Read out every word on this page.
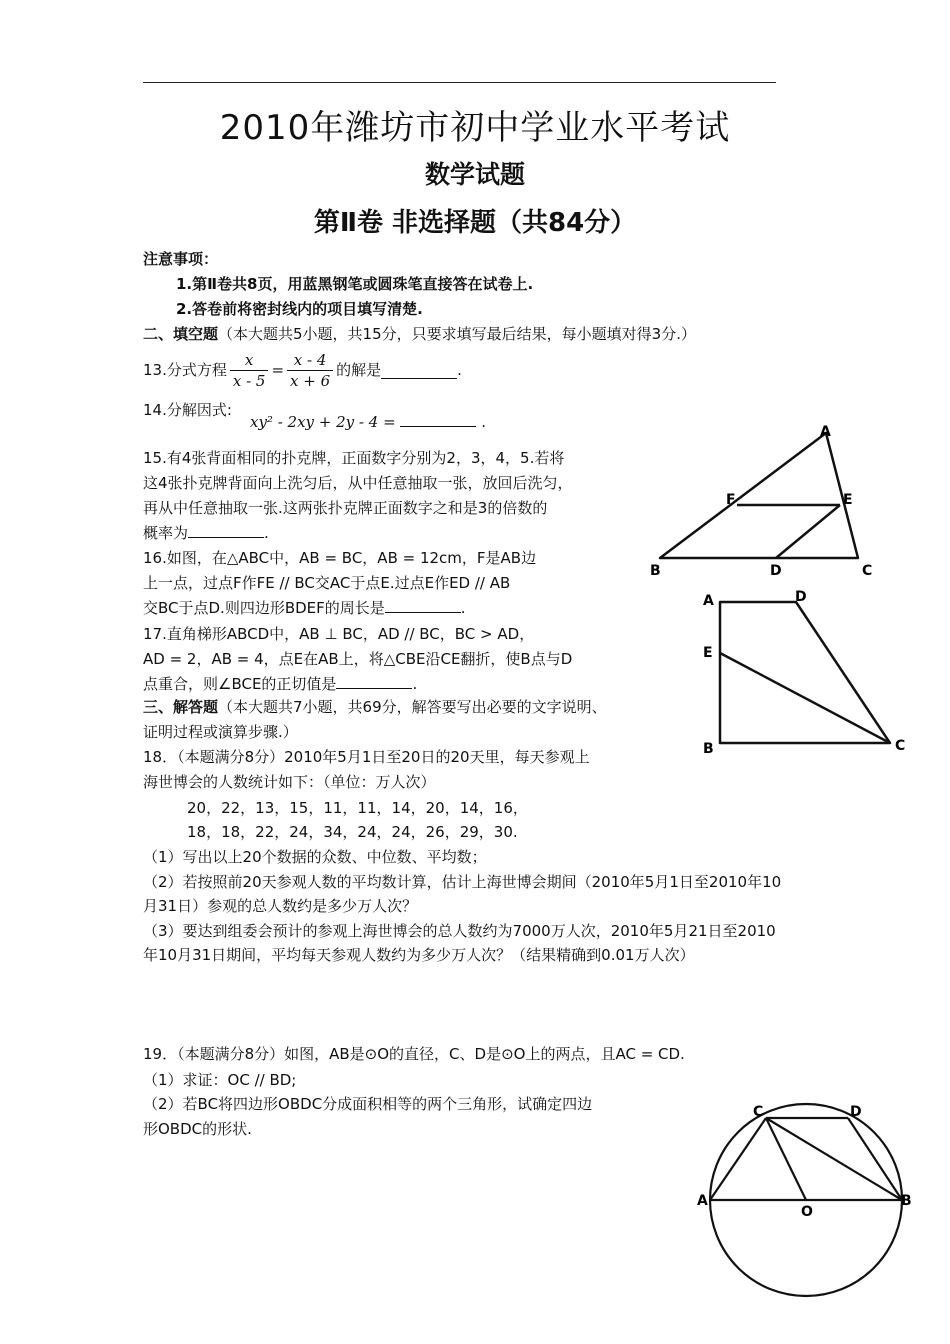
2010年潍坊市初中学业水平考试
数学试题
第Ⅱ卷 非选择题（共84分）
注意事项：
1.第Ⅱ卷共8页，用蓝黑钢笔或圆珠笔直接答在试卷上.
2.答卷前将密封线内的项目填写清楚.
二、填空题（本大题共5小题，共15分，只要求填写最后结果，每小题填对得3分.）
13.分式方程 $\frac{x}{x - 5} = \frac{x - 4}{x + 6}$ 的解是	.
14.分解因式:
xy² - 2xy + 2y - 4 =	.
15.有4张背面相同的扑克牌，正面数字分别为2，3，4，5.若将
这4张扑克牌背面向上洗匀后，从中任意抽取一张，放回后洗匀，
再从中任意抽取一张.这两张扑克牌正面数字之和是3的倍数的
概率为	.
16.如图，在△ABC中，AB = BC，AB = 12cm，F是AB边
上一点，过点F作FE // BC交AC于点E.过点E作ED // AB
交BC于点D.则四边形BDEF的周长是	.
17.直角梯形ABCD中，AB ⊥ BC，AD // BC，BC > AD，
AD = 2，AB = 4，点E在AB上，将△CBE沿CE翻折，使B点与D
点重合，则∠BCE的正切值是	.
三、解答题（本大题共7小题，共69分，解答要写出必要的文字说明、
证明过程或演算步骤.）
18．（本题满分8分）2010年5月1日至20日的20天里，每天参观上
海世博会的人数统计如下：（单位：万人次）
20，22，13，15，11，11，14，20，14，16，
18，18，22，24，34，24，24，26，29，30.
（1）写出以上20个数据的众数、中位数、平均数；
（2）若按照前20天参观人数的平均数计算，估计上海世博会期间（2010年5月1日至2010年10
月31日）参观的总人数约是多少万人次？
（3）要达到组委会预计的参观上海世博会的总人数约为7000万人次，2010年5月21日至2010
年10月31日期间，平均每天参观人数约为多少万人次？（结果精确到0.01万人次）
19．（本题满分8分）如图，AB是⊙O的直径，C、D是⊙O上的两点，且AC = CD.
（1）求证：OC // BD;
（2）若BC将四边形OBDC分成面积相等的两个三角形，试确定四边
形OBDC的形状.
A
F	E
B	D	C
A	D
E
B	C
C	D
A
O
B
